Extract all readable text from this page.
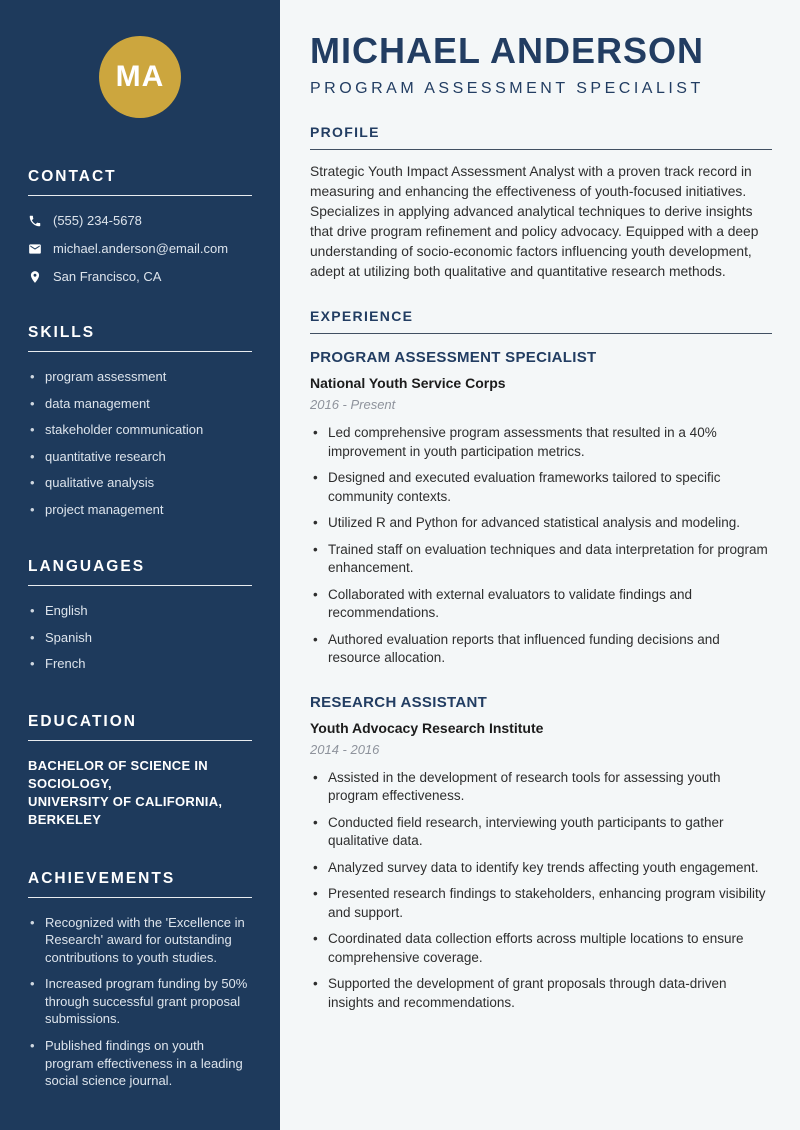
MA
CONTACT
(555) 234-5678
michael.anderson@email.com
San Francisco, CA
SKILLS
• program assessment
• data management
• stakeholder communication
• quantitative research
• qualitative analysis
• project management
LANGUAGES
• English
• Spanish
• French
EDUCATION
BACHELOR OF SCIENCE IN SOCIOLOGY,
UNIVERSITY OF CALIFORNIA, BERKELEY
ACHIEVEMENTS
• Recognized with the 'Excellence in Research' award for outstanding contributions to youth studies.
• Increased program funding by 50% through successful grant proposal submissions.
• Published findings on youth program effectiveness in a leading social science journal.
MICHAEL ANDERSON
PROGRAM ASSESSMENT SPECIALIST
PROFILE

Strategic Youth Impact Assessment Analyst with a proven track record in measuring and enhancing the effectiveness of youth-focused initiatives. Specializes in applying advanced analytical techniques to derive insights that drive program refinement and policy advocacy. Equipped with a deep understanding of socio-economic factors influencing youth development, adept at utilizing both qualitative and quantitative research methods.

EXPERIENCE
PROGRAM ASSESSMENT SPECIALIST
National Youth Service Corps
2016 - Present
• Led comprehensive program assessments that resulted in a 40% improvement in youth participation metrics.
• Designed and executed evaluation frameworks tailored to specific community contexts.
• Utilized R and Python for advanced statistical analysis and modeling.
• Trained staff on evaluation techniques and data interpretation for program enhancement.
• Collaborated with external evaluators to validate findings and recommendations.
• Authored evaluation reports that influenced funding decisions and resource allocation.
RESEARCH ASSISTANT
Youth Advocacy Research Institute
2014 - 2016
• Assisted in the development of research tools for assessing youth program effectiveness.
• Conducted field research, interviewing youth participants to gather qualitative data.
• Analyzed survey data to identify key trends affecting youth engagement.
• Presented research findings to stakeholders, enhancing program visibility and support.
• Coordinated data collection efforts across multiple locations to ensure comprehensive coverage.
• Supported the development of grant proposals through data-driven insights and recommendations.
